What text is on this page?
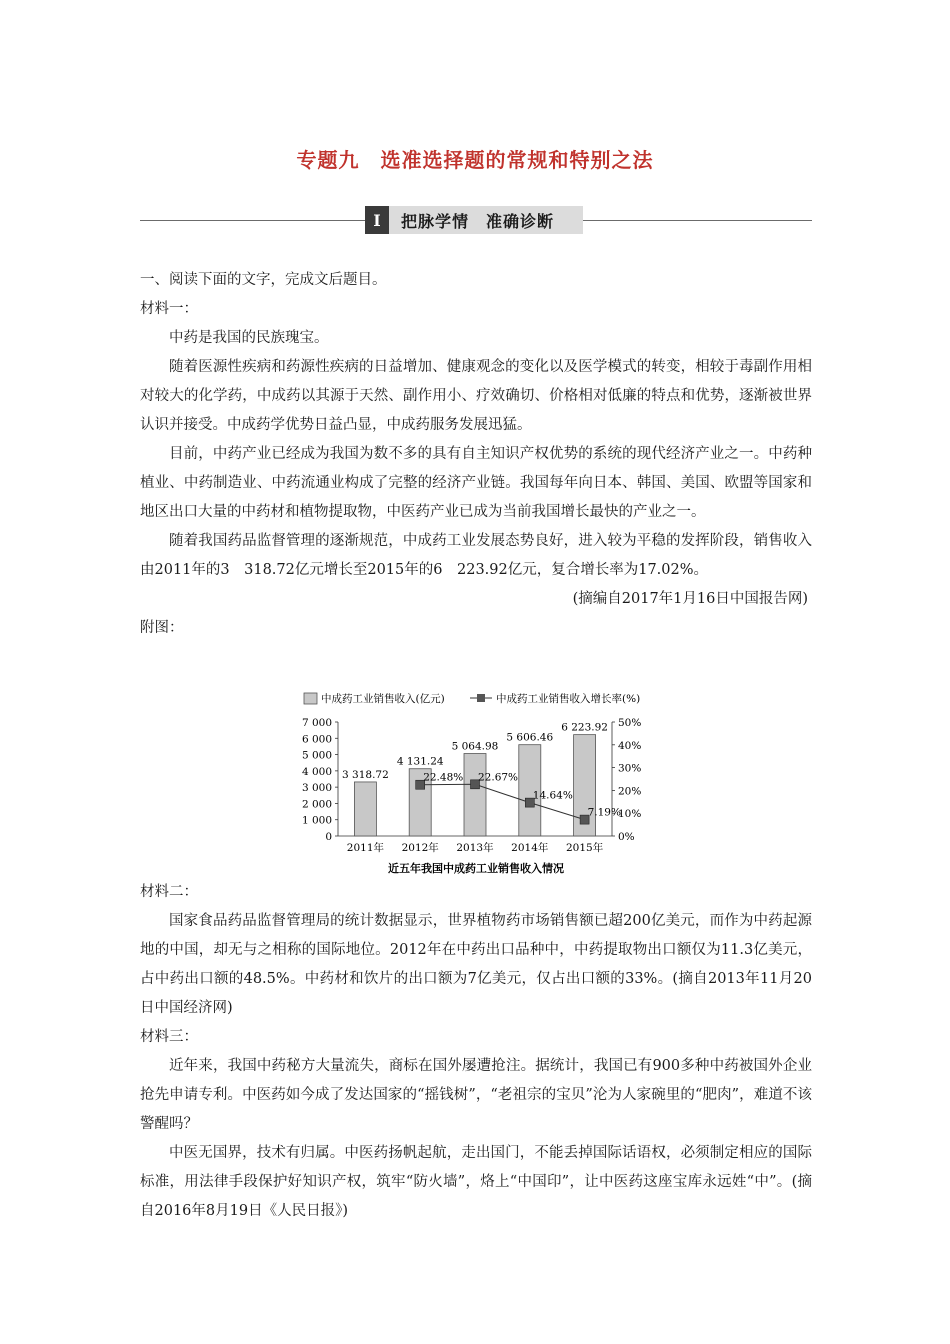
专题九　选准选择题的常规和特别之法
Ⅰ	把脉学情　准确诊断

一、阅读下面的文字，完成文后题目。

材料一：

中药是我国的民族瑰宝。

随着医源性疾病和药源性疾病的日益增加、健康观念的变化以及医学模式的转变，相较于毒副作用相对较大的化学药，中成药以其源于天然、副作用小、疗效确切、价格相对低廉的特点和优势，逐渐被世界认识并接受。中成药学优势日益凸显，中成药服务发展迅猛。

目前，中药产业已经成为我国为数不多的具有自主知识产权优势的系统的现代经济产业之一。中药种植业、中药制造业、中药流通业构成了完整的经济产业链。我国每年向日本、韩国、美国、欧盟等国家和地区出口大量的中药材和植物提取物，中医药产业已成为当前我国增长最快的产业之一。

随着我国药品监督管理的逐渐规范，中成药工业发展态势良好，进入较为平稳的发挥阶段，销售收入由2011年的3　318.72亿元增长至2015年的6　223.92亿元，复合增长率为17.02%。

(摘编自2017年1月16日中国报告网)

附图：

中成药工业销售收入(亿元)	中成药工业销售收入增长率(%)
0
1 000
2 000
3 000
4 000
5 000
6 000
7 000
0%
10%
20%
30%
40%
50%
3 318.72
2011年
4 131.24
2012年
5 064.98
2013年
5 606.46
2014年
6 223.92
2015年
22.48% 22.67%
14.64%
7.19%
近五年我国中成药工业销售收入情况

材料二：

国家食品药品监督管理局的统计数据显示，世界植物药市场销售额已超200亿美元，而作为中药起源地的中国，却无与之相称的国际地位。2012年在中药出口品种中，中药提取物出口额仅为11.3亿美元，占中药出口额的48.5%。中药材和饮片的出口额为7亿美元，仅占出口额的33%。(摘自2013年11月20日中国经济网)

材料三：

近年来，我国中药秘方大量流失，商标在国外屡遭抢注。据统计，我国已有900多种中药被国外企业抢先申请专利。中医药如今成了发达国家的“摇钱树”，“老祖宗的宝贝”沦为人家碗里的“肥肉”，难道不该警醒吗？

中医无国界，技术有归属。中医药扬帆起航，走出国门，不能丢掉国际话语权，必须制定相应的国际标准，用法律手段保护好知识产权，筑牢“防火墙”，烙上“中国印”，让中医药这座宝库永远姓“中”。(摘自2016年8月19日《人民日报》)
